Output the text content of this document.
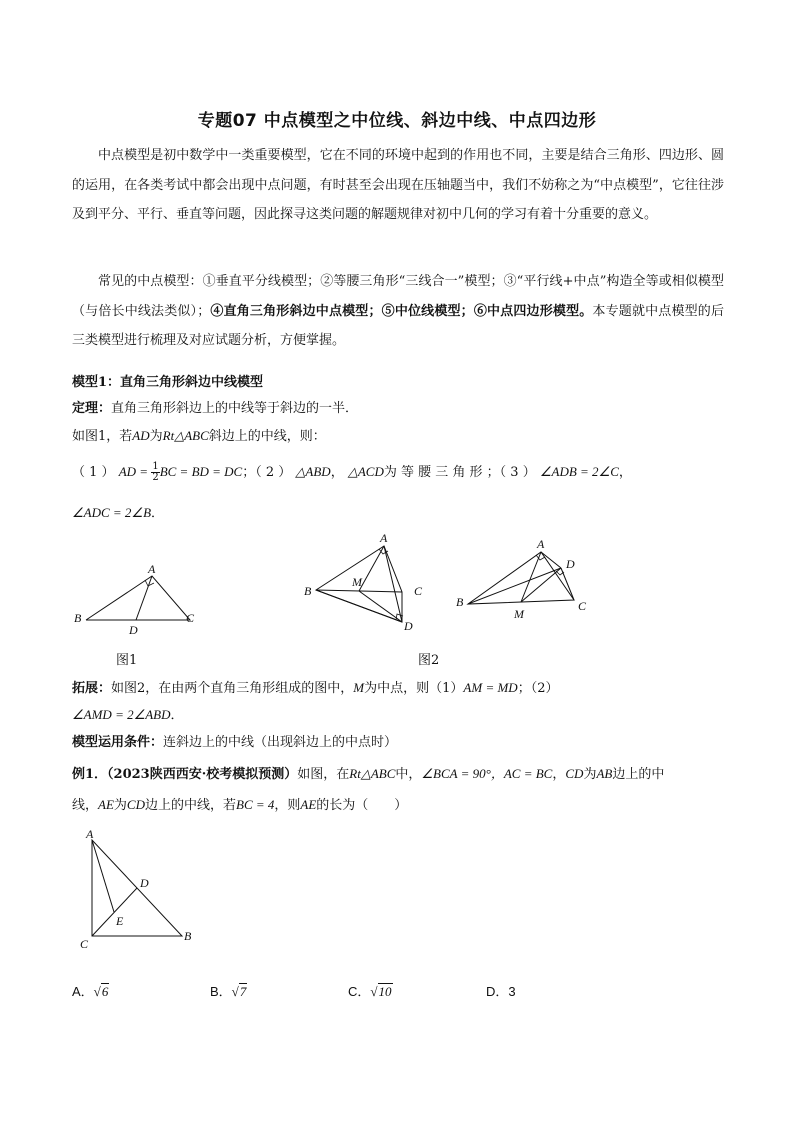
专题07 中点模型之中位线、斜边中线、中点四边形
中点模型是初中数学中一类重要模型，它在不同的环境中起到的作用也不同，主要是结合三角形、四边形、圆的运用，在各类考试中都会出现中点问题，有时甚至会出现在压轴题当中，我们不妨称之为“中点模型”，它往往涉及到平分、平行、垂直等问题，因此探寻这类问题的解题规律对初中几何的学习有着十分重要的意义。
常见的中点模型：①垂直平分线模型；②等腰三角形“三线合一”模型；③“平行线+中点”构造全等或相似模型（与倍长中线法类似）；④直角三角形斜边中点模型；⑤中位线模型；⑥中点四边形模型。本专题就中点模型的后三类模型进行梳理及对应试题分析，方便掌握。
模型1：直角三角形斜边中线模型
定理：直角三角形斜边上的中线等于斜边的一半．
如图1，若AD为Rt△ABC斜边上的中线，则：
（ 1 ） AD = $\frac{1}{2}$ BC = BD = DC；（ 2 ） △ABD， △ACD为 等 腰 三 角 形 ；（ 3 ） ∠ADB = 2∠C，
∠ADC = 2∠B．
A
B	C
D
图1
A
B	C
D
M
图2
A
B	C
D
M
拓展：如图2，在由两个直角三角形组成的图中，M为中点，则（1）AM = MD；（2）
∠AMD = 2∠ABD．
模型运用条件：连斜边上的中线（出现斜边上的中点时）
例1．（2023陕西西安·校考模拟预测）如图，在Rt△ABC中，∠BCA = 90°，AC = BC，CD为AB边上的中
线，AE为CD边上的中线，若BC = 4，则AE的长为（　　）
A
B
C
D
E
A．√6	B．√7	C．√10	D．3
